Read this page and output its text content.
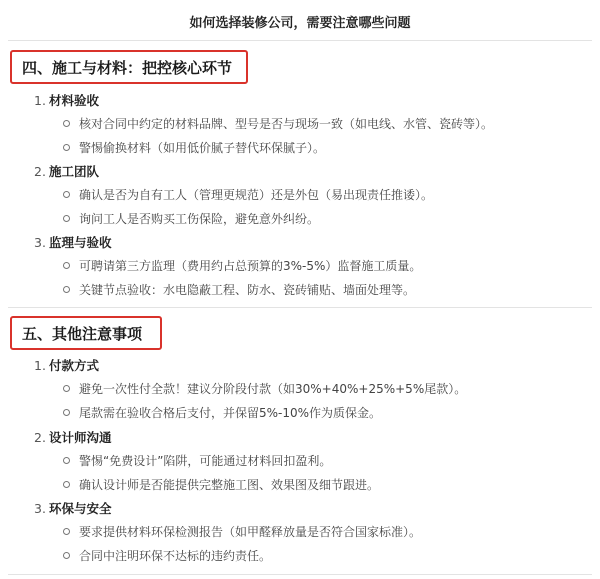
如何选择装修公司，需要注意哪些问题
四、施工与材料：把控核心环节
1. 材料验收
核对合同中约定的材料品牌、型号是否与现场一致（如电线、水管、瓷砖等）。
警惕偷换材料（如用低价腻子替代环保腻子）。
2. 施工团队
确认是否为自有工人（管理更规范）还是外包（易出现责任推诿）。
询问工人是否购买工伤保险，避免意外纠纷。
3. 监理与验收
可聘请第三方监理（费用约占总预算的3%-5%）监督施工质量。
关键节点验收：水电隐蔽工程、防水、瓷砖铺贴、墙面处理等。
五、其他注意事项
1. 付款方式
避免一次性付全款！建议分阶段付款（如30%+40%+25%+5%尾款）。
尾款需在验收合格后支付，并保留5%-10%作为质保金。
2. 设计师沟通
警惕“免费设计”陷阱，可能通过材料回扣盈利。
确认设计师是否能提供完整施工图、效果图及细节跟进。
3. 环保与安全
要求提供材料环保检测报告（如甲醛释放量是否符合国家标准）。
合同中注明环保不达标的违约责任。
